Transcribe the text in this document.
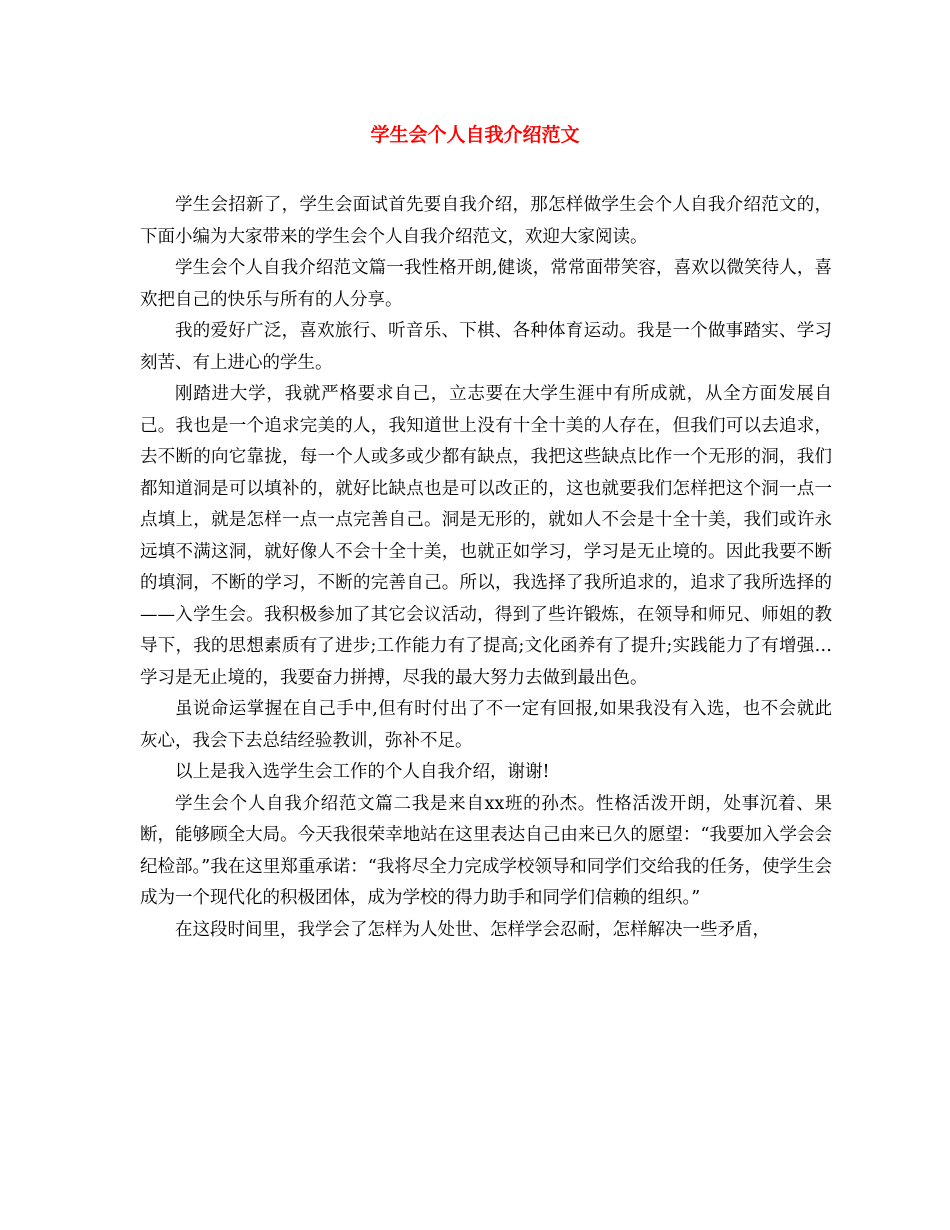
学生会个人自我介绍范文

学生会招新了，学生会面试首先要自我介绍，那怎样做学生会个人自我介绍范文的，下面小编为大家带来的学生会个人自我介绍范文，欢迎大家阅读。

学生会个人自我介绍范文篇一我性格开朗,健谈，常常面带笑容，喜欢以微笑待人，喜欢把自己的快乐与所有的人分享。

我的爱好广泛，喜欢旅行、听音乐、下棋、各种体育运动。我是一个做事踏实、学习刻苦、有上进心的学生。

刚踏进大学，我就严格要求自己，立志要在大学生涯中有所成就，从全方面发展自己。我也是一个追求完美的人，我知道世上没有十全十美的人存在，但我们可以去追求，去不断的向它靠拢，每一个人或多或少都有缺点，我把这些缺点比作一个无形的洞，我们都知道洞是可以填补的，就好比缺点也是可以改正的，这也就要我们怎样把这个洞一点一点填上，就是怎样一点一点完善自己。洞是无形的，就如人不会是十全十美，我们或许永远填不满这洞，就好像人不会十全十美，也就正如学习，学习是无止境的。因此我要不断的填洞，不断的学习，不断的完善自己。所以，我选择了我所追求的，追求了我所选择的——入学生会。我积极参加了其它会议活动，得到了些许锻炼，在领导和师兄、师姐的教导下，我的思想素质有了进步;工作能力有了提高;文化函养有了提升;实践能力了有增强…学习是无止境的，我要奋力拼搏，尽我的最大努力去做到最出色。

虽说命运掌握在自己手中,但有时付出了不一定有回报,如果我没有入选，也不会就此灰心，我会下去总结经验教训，弥补不足。

以上是我入选学生会工作的个人自我介绍，谢谢!

学生会个人自我介绍范文篇二我是来自xx班的孙杰。性格活泼开朗，处事沉着、果断，能够顾全大局。今天我很荣幸地站在这里表达自己由来已久的愿望：“我要加入学会会纪检部。”我在这里郑重承诺：“我将尽全力完成学校领导和同学们交给我的任务，使学生会成为一个现代化的积极团体，成为学校的得力助手和同学们信赖的组织。”

在这段时间里，我学会了怎样为人处世、怎样学会忍耐，怎样解决一些矛盾，
